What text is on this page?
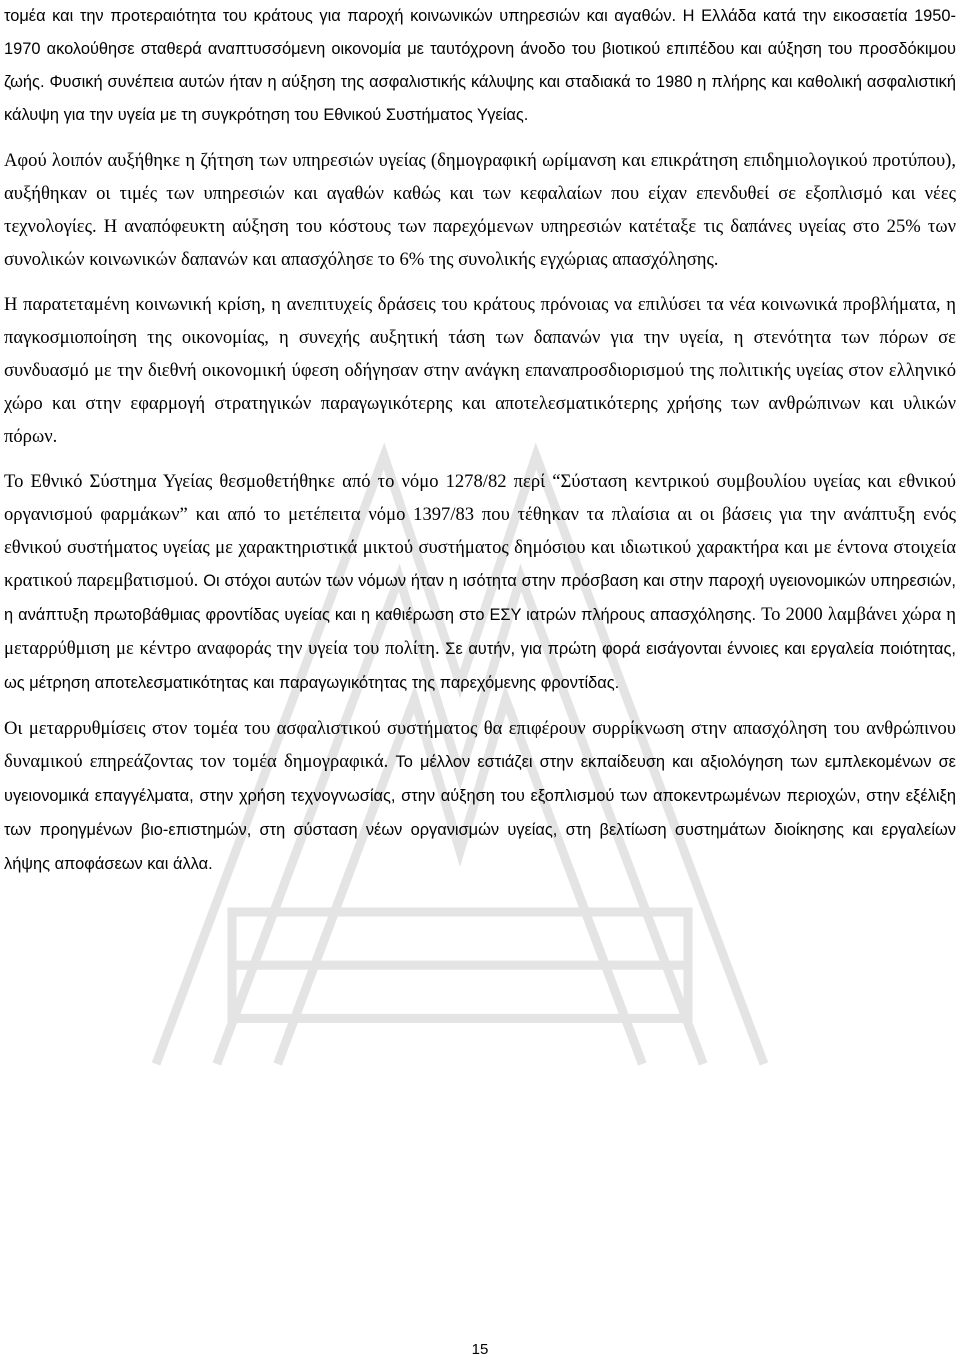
τομέα και την προτεραιότητα του κράτους για παροχή κοινωνικών υπηρεσιών και αγαθών. Η Ελλάδα κατά την εικοσαετία 1950-1970 ακολούθησε σταθερά αναπτυσσόμενη οικονομία με ταυτόχρονη άνοδο του βιοτικού επιπέδου και αύξηση του προσδόκιμου ζωής. Φυσική συνέπεια αυτών ήταν η αύξηση της ασφαλιστικής κάλυψης και σταδιακά το 1980 η πλήρης και καθολική ασφαλιστική κάλυψη για την υγεία με τη συγκρότηση του Εθνικού Συστήματος Υγείας.

Αφού λοιπόν αυξήθηκε η ζήτηση των υπηρεσιών υγείας (δημογραφική ωρίμανση και επικράτηση επιδημιολογικού προτύπου), αυξήθηκαν οι τιμές των υπηρεσιών και αγαθών καθώς και των κεφαλαίων που είχαν επενδυθεί σε εξοπλισμό και νέες τεχνολογίες. Η αναπόφευκτη αύξηση του κόστους των παρεχόμενων υπηρεσιών κατέταξε τις δαπάνες υγείας στο 25% των συνολικών κοινωνικών δαπανών και απασχόλησε το 6% της συνολικής εγχώριας απασχόλησης.

Η παρατεταμένη κοινωνική κρίση, η ανεπιτυχείς δράσεις του κράτους πρόνοιας να επιλύσει τα νέα κοινωνικά προβλήματα, η παγκοσμιοποίηση της οικονομίας, η συνεχής αυξητική τάση των δαπανών για την υγεία, η στενότητα των πόρων σε συνδυασμό με την διεθνή οικονομική ύφεση οδήγησαν στην ανάγκη επαναπροσδιορισμού της πολιτικής υγείας στον ελληνικό χώρο και στην εφαρμογή στρατηγικών παραγωγικότερης και αποτελεσματικότερης χρήσης των ανθρώπινων και υλικών πόρων.

Το Εθνικό Σύστημα Υγείας θεσμοθετήθηκε από το νόμο 1278/82 περί “Σύσταση κεντρικού συμβουλίου υγείας και εθνικού οργανισμού φαρμάκων” και από το μετέπειτα νόμο 1397/83 που τέθηκαν τα πλαίσια αι οι βάσεις για την ανάπτυξη ενός εθνικού συστήματος υγείας με χαρακτηριστικά μικτού συστήματος δημόσιου και ιδιωτικού χαρακτήρα και με έντονα στοιχεία κρατικού παρεμβατισμού. Οι στόχοι αυτών των νόμων ήταν η ισότητα στην πρόσβαση και στην παροχή υγειονομικών υπηρεσιών, η ανάπτυξη πρωτοβάθμιας φροντίδας υγείας και η καθιέρωση στο ΕΣΥ ιατρών πλήρους απασχόλησης. Το 2000 λαμβάνει χώρα η μεταρρύθμιση με κέντρο αναφοράς την υγεία του πολίτη. Σε αυτήν, για πρώτη φορά εισάγονται έννοιες και εργαλεία ποιότητας, ως μέτρηση αποτελεσματικότητας και παραγωγικότητας της παρεχόμενης φροντίδας.

Οι μεταρρυθμίσεις στον τομέα του ασφαλιστικού συστήματος θα επιφέρουν συρρίκνωση στην απασχόληση του ανθρώπινου δυναμικού επηρεάζοντας τον τομέα δημογραφικά. Το μέλλον εστιάζει στην εκπαίδευση και αξιολόγηση των εμπλεκομένων σε υγειονομικά επαγγέλματα, στην χρήση τεχνογνωσίας, στην αύξηση του εξοπλισμού των αποκεντρωμένων περιοχών, στην εξέλιξη των προηγμένων βιο-επιστημών, στη σύσταση νέων οργανισμών υγείας, στη βελτίωση συστημάτων διοίκησης και εργαλείων λήψης αποφάσεων και άλλα.

15
